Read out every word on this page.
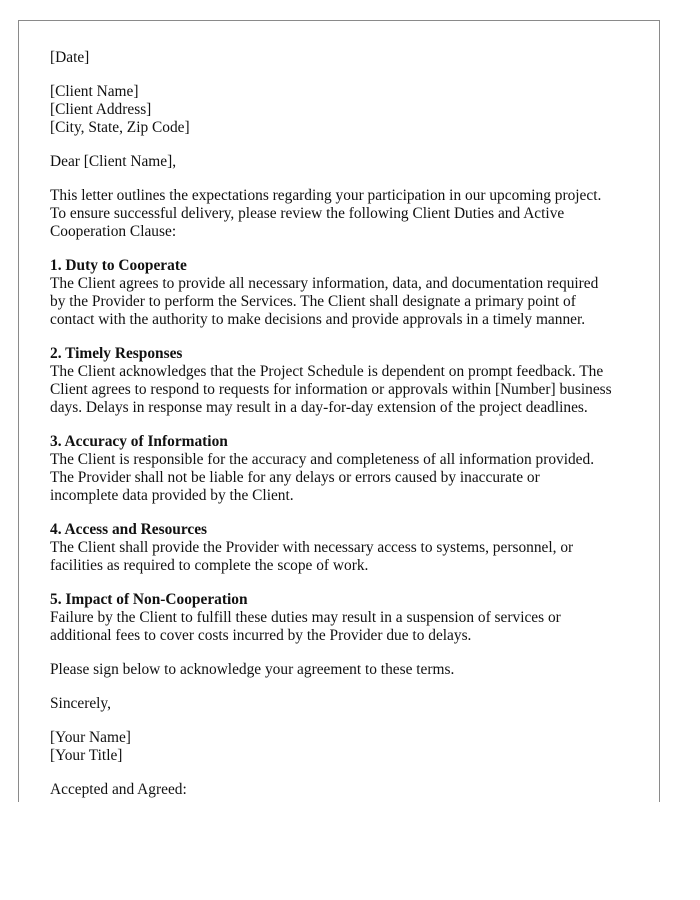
[Date]
[Client Name]
[Client Address]
[City, State, Zip Code]
Dear [Client Name],
This letter outlines the expectations regarding your participation in our upcoming project.
To ensure successful delivery, please review the following Client Duties and Active
Cooperation Clause:
1. Duty to Cooperate
The Client agrees to provide all necessary information, data, and documentation required
by the Provider to perform the Services. The Client shall designate a primary point of
contact with the authority to make decisions and provide approvals in a timely manner.
2. Timely Responses
The Client acknowledges that the Project Schedule is dependent on prompt feedback. The
Client agrees to respond to requests for information or approvals within [Number] business
days. Delays in response may result in a day-for-day extension of the project deadlines.
3. Accuracy of Information
The Client is responsible for the accuracy and completeness of all information provided.
The Provider shall not be liable for any delays or errors caused by inaccurate or
incomplete data provided by the Client.
4. Access and Resources
The Client shall provide the Provider with necessary access to systems, personnel, or
facilities as required to complete the scope of work.
5. Impact of Non-Cooperation
Failure by the Client to fulfill these duties may result in a suspension of services or
additional fees to cover costs incurred by the Provider due to delays.
Please sign below to acknowledge your agreement to these terms.
Sincerely,
[Your Name]
[Your Title]
Accepted and Agreed:
